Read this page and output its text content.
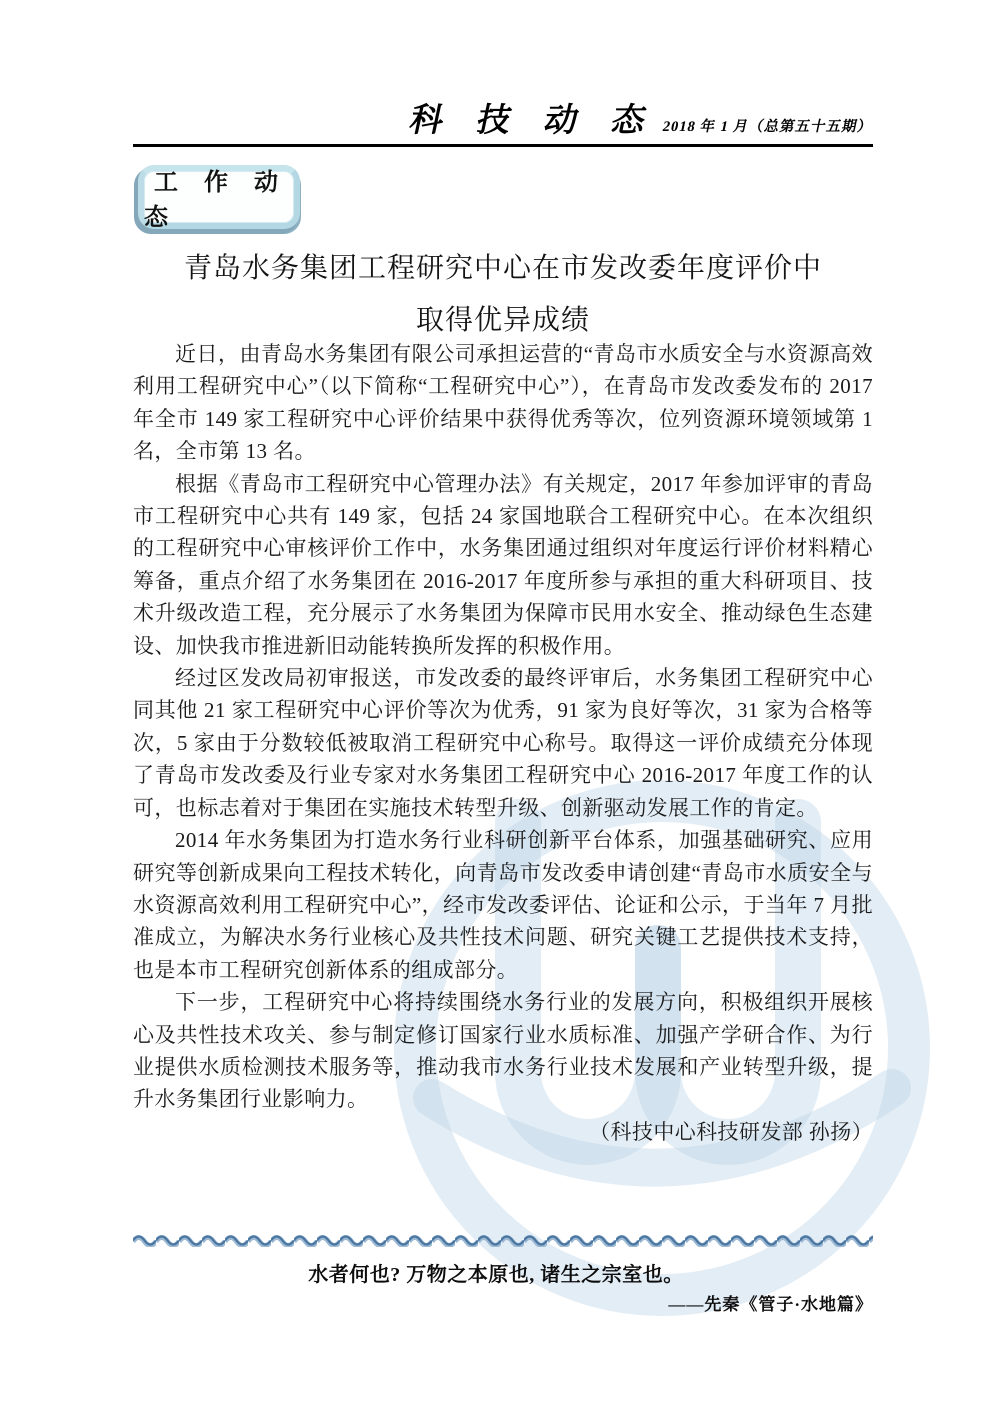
科 技 动 态 2018 年 1 月（总第五十五期）
工 作 动 态
青岛水务集团工程研究中心在市发改委年度评价中
取得优异成绩

近日，由青岛水务集团有限公司承担运营的“青岛市水质安全与水资源高效利用工程研究中心”（以下简称“工程研究中心”），在青岛市发改委发布的 2017 年全市 149 家工程研究中心评价结果中获得优秀等次，位列资源环境领域第 1 名，全市第 13 名。

根据《青岛市工程研究中心管理办法》有关规定，2017 年参加评审的青岛市工程研究中心共有 149 家，包括 24 家国地联合工程研究中心。在本次组织的工程研究中心审核评价工作中，水务集团通过组织对年度运行评价材料精心筹备，重点介绍了水务集团在 2016-2017 年度所参与承担的重大科研项目、技术升级改造工程，充分展示了水务集团为保障市民用水安全、推动绿色生态建设、加快我市推进新旧动能转换所发挥的积极作用。

经过区发改局初审报送，市发改委的最终评审后，水务集团工程研究中心同其他 21 家工程研究中心评价等次为优秀，91 家为良好等次，31 家为合格等次，5 家由于分数较低被取消工程研究中心称号。取得这一评价成绩充分体现了青岛市发改委及行业专家对水务集团工程研究中心 2016-2017 年度工作的认可，也标志着对于集团在实施技术转型升级、创新驱动发展工作的肯定。

2014 年水务集团为打造水务行业科研创新平台体系，加强基础研究、应用研究等创新成果向工程技术转化，向青岛市发改委申请创建“青岛市水质安全与水资源高效利用工程研究中心”，经市发改委评估、论证和公示，于当年 7 月批准成立，为解决水务行业核心及共性技术问题、研究关键工艺提供技术支持，也是本市工程研究创新体系的组成部分。

下一步，工程研究中心将持续围绕水务行业的发展方向，积极组织开展核心及共性技术攻关、参与制定修订国家行业水质标准、加强产学研合作、为行业提供水质检测技术服务等，推动我市水务行业技术发展和产业转型升级，提升水务集团行业影响力。

（科技中心科技研发部 孙扬）

水者何也? 万物之本原也, 诸生之宗室也。
——先秦《管子·水地篇》
